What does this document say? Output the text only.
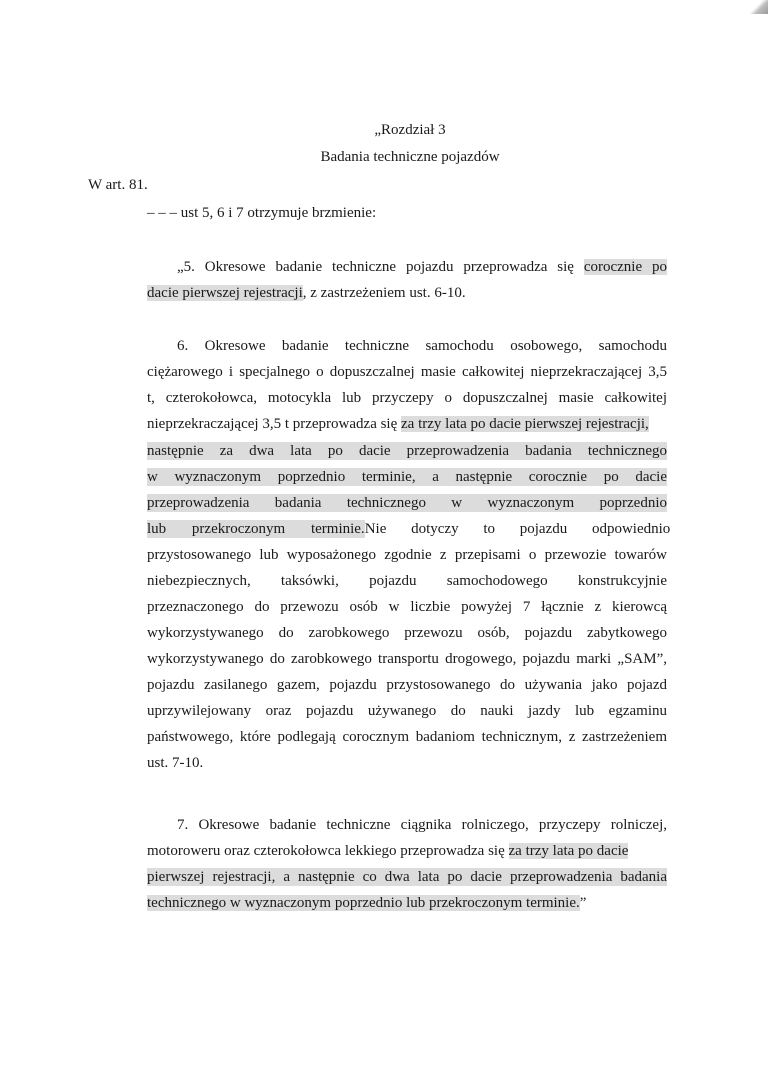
„Rozdział 3
Badania techniczne pojazdów
W art. 81.
– – – ust 5, 6 i 7 otrzymuje brzmienie:
„5. Okresowe badanie techniczne pojazdu przeprowadza się corocznie po
dacie pierwszej rejestracji, z zastrzeżeniem ust. 6-10.
6. Okresowe badanie techniczne samochodu osobowego, samochodu
ciężarowego i specjalnego o dopuszczalnej masie całkowitej nieprzekraczającej 3,5
t, czterokołowca, motocykla lub przyczepy o dopuszczalnej masie całkowitej
nieprzekraczającej 3,5 t przeprowadza się za trzy lata po dacie pierwszej rejestracji,
następnie za dwa lata po dacie przeprowadzenia badania technicznego
w wyznaczonym poprzednio terminie, a następnie corocznie po dacie
przeprowadzenia badania technicznego w wyznaczonym poprzednio
lub przekroczonym terminie. Nie dotyczy to pojazdu odpowiednio
przystosowanego lub wyposażonego zgodnie z przepisami o przewozie towarów
niebezpiecznych, taksówki, pojazdu samochodowego konstrukcyjnie
przeznaczonego do przewozu osób w liczbie powyżej 7 łącznie z kierowcą
wykorzystywanego do zarobkowego przewozu osób, pojazdu zabytkowego
wykorzystywanego do zarobkowego transportu drogowego, pojazdu marki „SAM”,
pojazdu zasilanego gazem, pojazdu przystosowanego do używania jako pojazd
uprzywilejowany oraz pojazdu używanego do nauki jazdy lub egzaminu
państwowego, które podlegają corocznym badaniom technicznym, z zastrzeżeniem
ust. 7-10.
7. Okresowe badanie techniczne ciągnika rolniczego, przyczepy rolniczej,
motoroweru oraz czterokołowca lekkiego przeprowadza się za trzy lata po dacie
pierwszej rejestracji, a następnie co dwa lata po dacie przeprowadzenia badania
technicznego w wyznaczonym poprzednio lub przekroczonym terminie.”
